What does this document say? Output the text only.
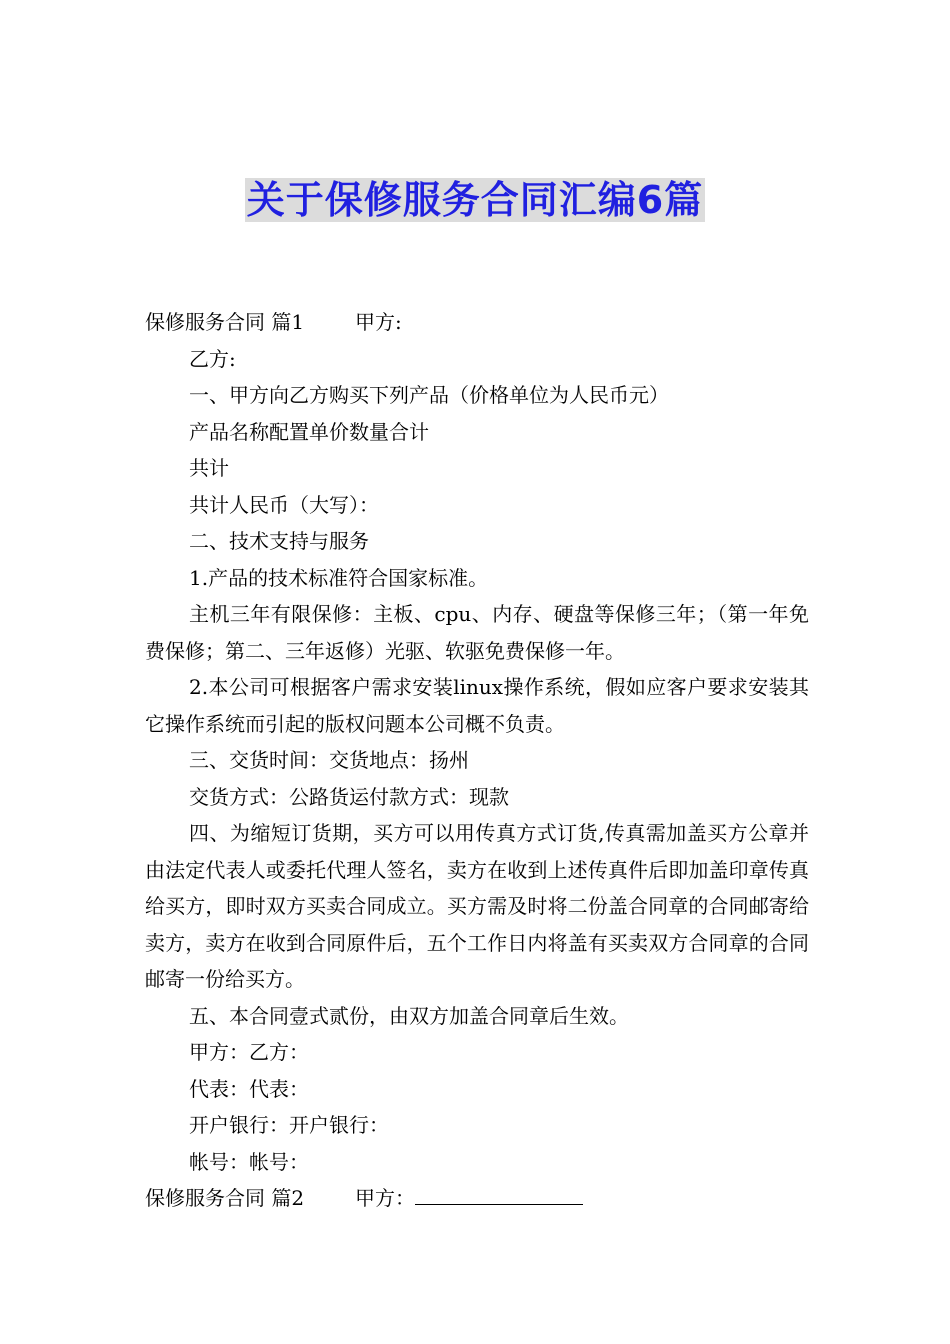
关于保修服务合同汇编6篇

保修服务合同 篇1        甲方:

乙方:

一、甲方向乙方购买下列产品（价格单位为人民币元）

产品名称配置单价数量合计

共计

共计人民币（大写）：

二、技术支持与服务

1.产品的技术标准符合国家标准。

主机三年有限保修：主板、cpu、内存、硬盘等保修三年；（第一年免费保修；第二、三年返修）光驱、软驱免费保修一年。

2.本公司可根据客户需求安装linux操作系统，假如应客户要求安装其它操作系统而引起的版权问题本公司概不负责。

三、交货时间：交货地点：扬州

交货方式：公路货运付款方式：现款

四、为缩短订货期，买方可以用传真方式订货,传真需加盖买方公章并由法定代表人或委托代理人签名，卖方在收到上述传真件后即加盖印章传真给买方，即时双方买卖合同成立。买方需及时将二份盖合同章的合同邮寄给卖方，卖方在收到合同原件后，五个工作日内将盖有买卖双方合同章的合同邮寄一份给买方。

五、本合同壹式贰份，由双方加盖合同章后生效。

甲方：乙方：

代表：代表：

开户银行：开户银行：

帐号：帐号：

保修服务合同 篇2        甲方：
